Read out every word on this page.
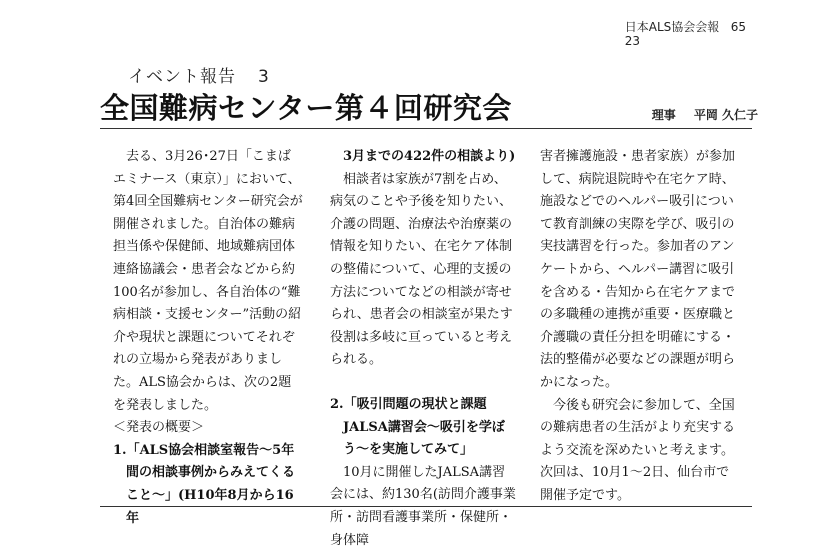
日本ALS協会会報 65
23
イベント報告 3
全国難病センター第４回研究会	理事 平岡 久仁子

去る、3月26･27日「こまばエミナース（東京）」において、第4回全国難病センター研究会が開催されました。自治体の難病担当係や保健師、地域難病団体連絡協議会・患者会などから約100名が参加し、各自治体の“難病相談・支援センター”活動の紹介や現状と課題についてそれぞれの立場から発表がありました。ALS協会からは、次の2題を発表しました。

＜発表の概要＞

1.「ALS協会相談室報告～5年間の相談事例からみえてくること～」(H10年8月から16年

3月までの422件の相談より)

相談者は家族が7割を占め、病気のことや予後を知りたい、介護の問題、治療法や治療薬の情報を知りたい、在宅ケア体制の整備について、心理的支援の方法についてなどの相談が寄せられ、患者会の相談室が果たす役割は多岐に亘っていると考えられる。

2.「吸引問題の現状と課題JALSA講習会～吸引を学ぼう～を実施してみて」

10月に開催したJALSA講習会には、約130名(訪問介護事業所・訪問看護事業所・保健所・身体障

害者擁護施設・患者家族）が参加して、病院退院時や在宅ケア時、施設などでのヘルパー吸引について教育訓練の実際を学び、吸引の実技講習を行った。参加者のアンケートから、ヘルパー講習に吸引を含める・告知から在宅ケアまでの多職種の連携が重要・医療職と介護職の責任分担を明確にする・法的整備が必要などの課題が明らかになった。

今後も研究会に参加して、全国の難病患者の生活がより充実するよう交流を深めたいと考えます。次回は、10月1～2日、仙台市で開催予定です。
